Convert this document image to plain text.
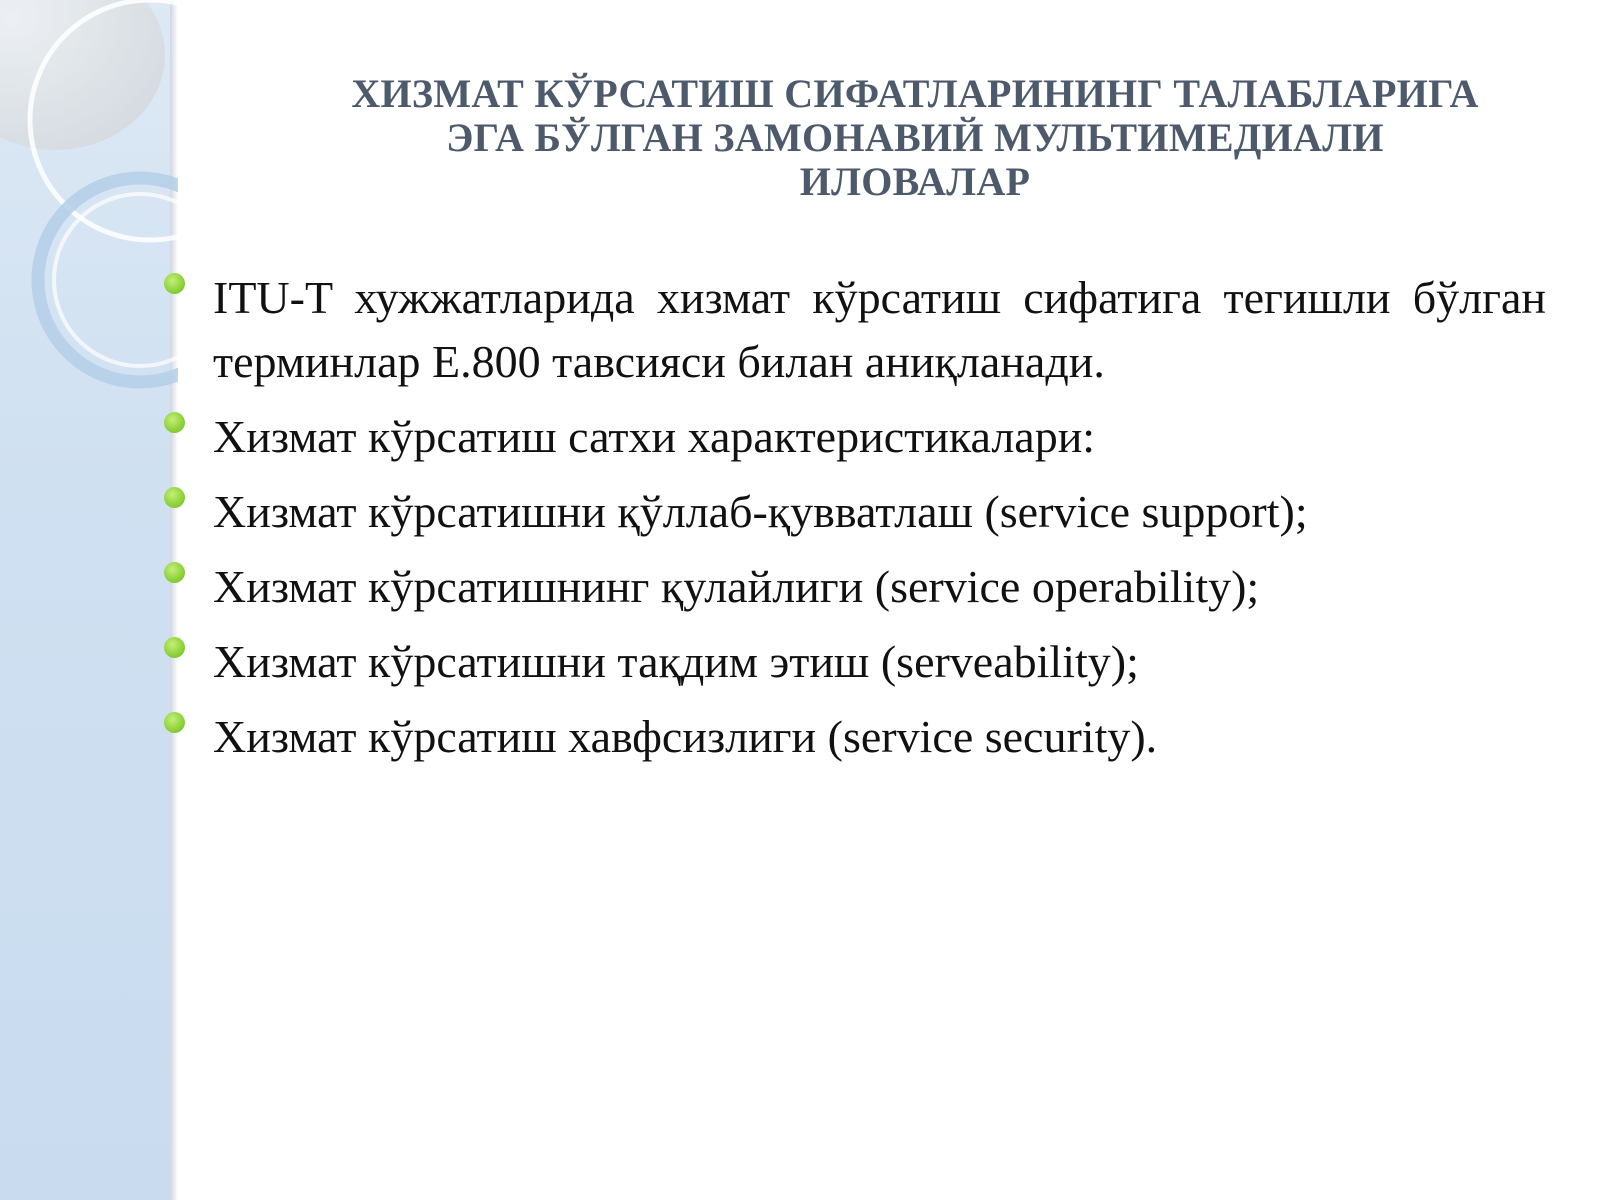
ХИЗМАТ КЎРСАТИШ СИФАТЛАРИНИНГ ТАЛАБЛАРИГА
ЭГА БЎЛГАН ЗАМОНАВИЙ МУЛЬТИМЕДИАЛИ
ИЛОВАЛАР
ITU-T хужжатларида хизмат кўрсатиш сифатига тегишли бўлган терминлар Е.800 тавсияси билан аниқланади.
Хизмат кўрсатиш сатхи характеристикалари:
Хизмат кўрсатишни қўллаб-қувватлаш (service support);
Хизмат кўрсатишнинг қулайлиги (service operability);
Хизмат кўрсатишни тақдим этиш (serveability);
Хизмат кўрсатиш хавфсизлиги (service security).
